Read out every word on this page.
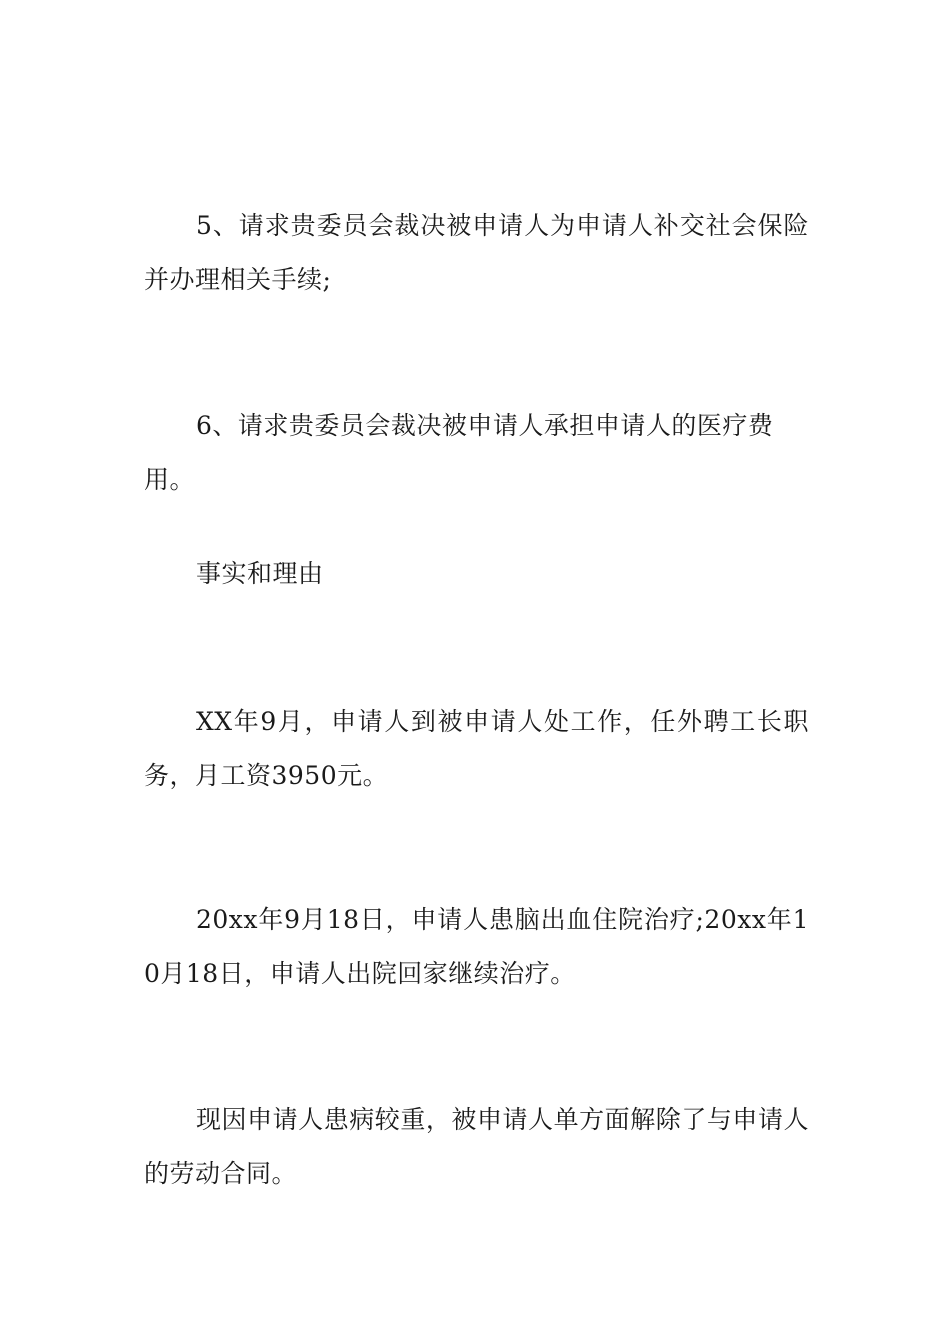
5、请求贵委员会裁决被申请人为申请人补交社会保险并办理相关手续;

6、请求贵委员会裁决被申请人承担申请人的医疗费用。

事实和理由

XX年9月，申请人到被申请人处工作，任外聘工长职务，月工资3950元。

20xx年9月18日，申请人患脑出血住院治疗;20xx年10月18日，申请人出院回家继续治疗。

现因申请人患病较重，被申请人单方面解除了与申请人的劳动合同。
